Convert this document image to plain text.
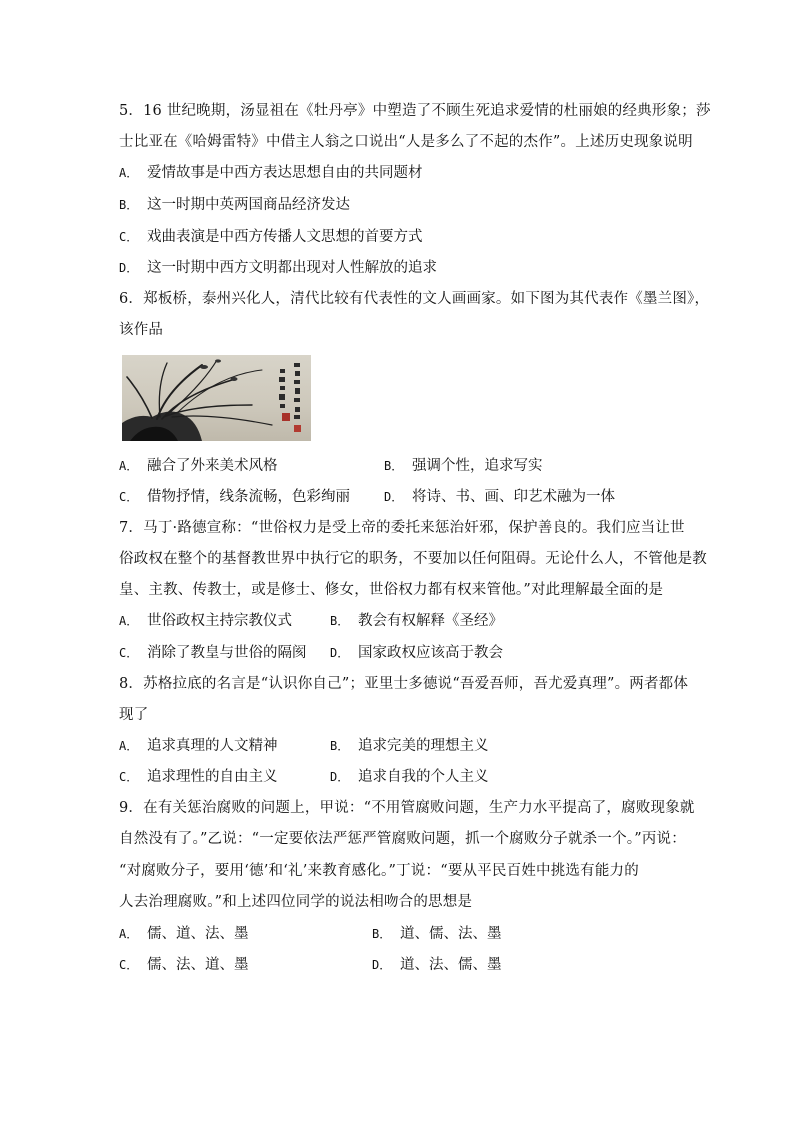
5．16 世纪晚期，汤显祖在《牡丹亭》中塑造了不顾生死追求爱情的杜丽娘的经典形象；莎
士比亚在《哈姆雷特》中借主人翁之口说出“人是多么了不起的杰作”。上述历史现象说明
A． 爱情故事是中西方表达思想自由的共同题材
B． 这一时期中英两国商品经济发达
C． 戏曲表演是中西方传播人文思想的首要方式
D． 这一时期中西方文明都出现对人性解放的追求
6．郑板桥，泰州兴化人，清代比较有代表性的文人画画家。如下图为其代表作《墨兰图》，
该作品
A． 融合了外来美术风格	B． 强调个性，追求写实
C． 借物抒情，线条流畅，色彩绚丽	D． 将诗、书、画、印艺术融为一体
7．马丁·路德宣称：“世俗权力是受上帝的委托来惩治奸邪，保护善良的。我们应当让世
俗政权在整个的基督教世界中执行它的职务，不要加以任何阻碍。无论什么人，不管他是教
皇、主教、传教士，或是修士、修女，世俗权力都有权来管他。”对此理解最全面的是
A． 世俗政权主持宗教仪式	B． 教会有权解释《圣经》
C． 消除了教皇与世俗的隔阂 D． 国家政权应该高于教会
8．苏格拉底的名言是“认识你自己”；亚里士多德说“吾爱吾师，吾尤爱真理”。两者都体
现了
A． 追求真理的人文精神	B． 追求完美的理想主义
C． 追求理性的自由主义	D． 追求自我的个人主义
9．在有关惩治腐败的问题上，甲说：“不用管腐败问题，生产力水平提高了，腐败现象就
自然没有了。”乙说：“一定要依法严惩严管腐败问题，抓一个腐败分子就杀一个。”丙说：
“对腐败分子，要用‘德’和‘礼’来教育感化。”丁说：“要从平民百姓中挑选有能力的
人去治理腐败。”和上述四位同学的说法相吻合的思想是
A． 儒、道、法、墨	B． 道、儒、法、墨
C． 儒、法、道、墨	D． 道、法、儒、墨
